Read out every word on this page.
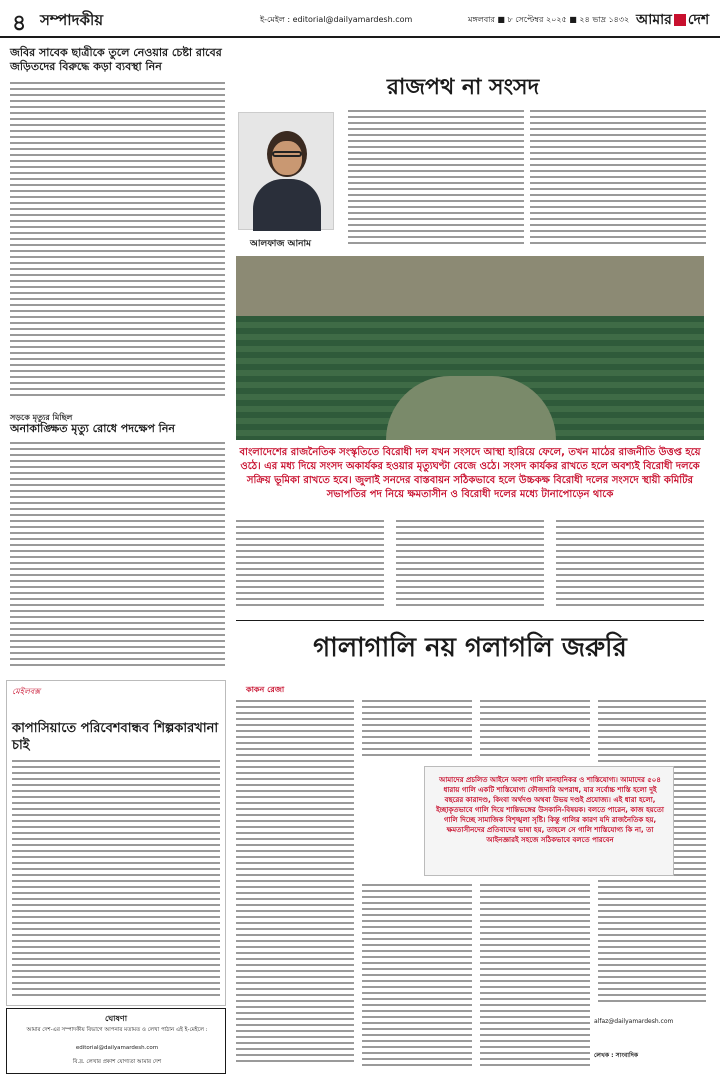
৪ সম্পাদকীয়	ই-মেইল : editorial@dailyamardesh.com	মঙ্গলবার ■ ৮ সেপ্টেম্বর ২০২৫ ■ ২৪ ভাদ্র ১৪৩২ আমার দেশ
জবির সাবেক ছাত্রীকে তুলে নেওয়ার চেষ্টা রাবের জড়িতদের বিরুদ্ধে কড়া ব্যবস্থা নিন
সড়কে মৃত্যুর মিছিল
অনাকাঙ্ক্ষিত মৃত্যু রোধে পদক্ষেপ নিন
আলফাজ আনাম
রাজপথ না সংসদ
বাংলাদেশের রাজনৈতিক সংস্কৃতিতে বিরোধী দল যখন সংসদে আস্থা হারিয়ে ফেলে, তখন মাঠের রাজনীতি উত্তপ্ত হয়ে ওঠে। এর মধ্য দিয়ে সংসদ অকার্যকর হওয়ার মৃত্যুঘণ্টা বেজে ওঠে। সংসদ কার্যকর রাখতে হলে অবশ্যই বিরোধী দলকে সক্রিয় ভূমিকা রাখতে হবে। জুলাই সনদের বাস্তবায়ন সঠিকভাবে হলে উচ্চকক্ষ বিরোধী দলের সংসদে স্থায়ী কমিটির সভাপতির পদ নিয়ে ক্ষমতাসীন ও বিরোধী দলের মধ্যে টানাপোড়েন থাকে
গালাগালি নয় গলাগলি জরুরি
কাকন রেজা

আমাদের প্রচলিত আইনে অবশ্য গালি মানহানিকর ও শাস্তিযোগ্য। আমাদের ৫০৪ ধারায় গালি একটি শাস্তিযোগ্য ফৌজদারি অপরাধ, যার সর্বোচ্চ শাস্তি হলো দুই বছরের কারাদণ্ড, কিংবা অর্থদণ্ড অথবা উভয় দণ্ডই প্রযোজ্য। এই ধারা হলো, ইচ্ছাকৃতভাবে গালি দিয়ে শান্তিভঙ্গের উসকানি-বিষয়ক। বলতে পারেন, কাজ হয়তো গালি দিচ্ছে সামাজিক বিশৃঙ্খলা সৃষ্টি। কিন্তু গালির কারণ যদি রাজনৈতিক হয়, ক্ষমতাসীনদের প্রতিবাদের ভাষা হয়, তাহলে সে গালি শাস্তিযোগ্য কি না, তা আইনজ্ঞারই সহজে সঠিকভাবে বলতে পারবেন

মেইলবক্স
কাপাসিয়াতে পরিবেশবান্ধব শিল্পকারখানা চাই
ঘোষণা
আমার দেশ-এর সম্পাদকীয় বিভাগে আপনার মতামত ও লেখা পাঠান এই ই-মেইলে :
editorial@dailyamardesh.com
বি.দ্র. লেখার প্রকাশ যোগ্যতা আমার দেশ
alfaz@dailyamardesh.com
লেখক : সাংবাদিক
